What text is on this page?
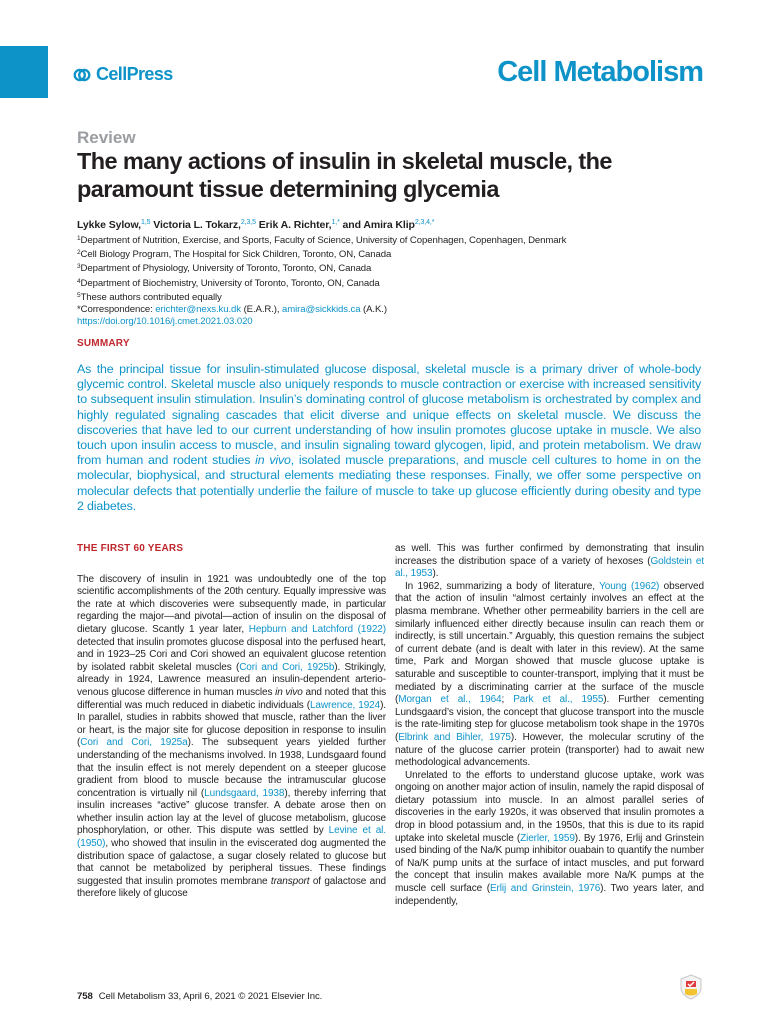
CellPress	Cell Metabolism
Review
The many actions of insulin in skeletal muscle, the paramount tissue determining glycemia
Lykke Sylow,$^{1,5}$ Victoria L. Tokarz,$^{2,3,5}$ Erik A. Richter,$^{1,*}$ and Amira Klip$^{2,3,4,*}$
$^1$Department of Nutrition, Exercise, and Sports, Faculty of Science, University of Copenhagen, Copenhagen, Denmark
$^2$Cell Biology Program, The Hospital for Sick Children, Toronto, ON, Canada
$^3$Department of Physiology, University of Toronto, Toronto, ON, Canada
$^4$Department of Biochemistry, University of Toronto, Toronto, ON, Canada
$^5$These authors contributed equally
*Correspondence: erichter@nexs.ku.dk (E.A.R.), amira@sickkids.ca (A.K.)
https://doi.org/10.1016/j.cmet.2021.03.020
SUMMARY

As the principal tissue for insulin-stimulated glucose disposal, skeletal muscle is a primary driver of whole-body glycemic control. Skeletal muscle also uniquely responds to muscle contraction or exercise with increased sensitivity to subsequent insulin stimulation. Insulin’s dominating control of glucose metabolism is orchestrated by complex and highly regulated signaling cascades that elicit diverse and unique effects on skeletal muscle. We discuss the discoveries that have led to our current understanding of how insulin promotes glucose uptake in muscle. We also touch upon insulin access to muscle, and insulin signaling toward glycogen, lipid, and protein metabolism. We draw from human and rodent studies in vivo, isolated muscle preparations, and muscle cell cultures to home in on the molecular, biophysical, and structural elements mediating these responses. Finally, we offer some perspective on molecular defects that potentially underlie the failure of muscle to take up glucose efficiently during obesity and type 2 diabetes.

THE FIRST 60 YEARS

The discovery of insulin in 1921 was undoubtedly one of the top scientific accomplishments of the 20th century. Equally impressive was the rate at which discoveries were subsequently made, in particular regarding the major—and pivotal—action of insulin on the disposal of dietary glucose. Scantly 1 year later, Hepburn and Latchford (1922) detected that insulin promotes glucose disposal into the perfused heart, and in 1923–25 Cori and Cori showed an equivalent glucose retention by isolated rabbit skeletal muscles (Cori and Cori, 1925b). Strikingly, already in 1924, Lawrence measured an insulin-dependent arterio-venous glucose difference in human muscles in vivo and noted that this differential was much reduced in diabetic individuals (Lawrence, 1924). In parallel, studies in rabbits showed that muscle, rather than the liver or heart, is the major site for glucose deposition in response to insulin (Cori and Cori, 1925a). The subsequent years yielded further understanding of the mechanisms involved. In 1938, Lundsgaard found that the insulin effect is not merely dependent on a steeper glucose gradient from blood to muscle because the intramuscular glucose concentration is virtually nil (Lundsgaard, 1938), thereby inferring that insulin increases “active” glucose transfer. A debate arose then on whether insulin action lay at the level of glucose metabolism, glucose phosphorylation, or other. This dispute was settled by Levine et al. (1950), who showed that insulin in the eviscerated dog augmented the distribution space of galactose, a sugar closely related to glucose but that cannot be metabolized by peripheral tissues. These findings suggested that insulin promotes membrane transport of galactose and therefore likely of glucose

as well. This was further confirmed by demonstrating that insulin increases the distribution space of a variety of hexoses (Goldstein et al., 1953).

In 1962, summarizing a body of literature, Young (1962) observed that the action of insulin “almost certainly involves an effect at the plasma membrane. Whether other permeability barriers in the cell are similarly influenced either directly because insulin can reach them or indirectly, is still uncertain.” Arguably, this question remains the subject of current debate (and is dealt with later in this review). At the same time, Park and Morgan showed that muscle glucose uptake is saturable and susceptible to counter-transport, implying that it must be mediated by a discriminating carrier at the surface of the muscle (Morgan et al., 1964; Park et al., 1955). Further cementing Lundsgaard’s vision, the concept that glucose transport into the muscle is the rate-limiting step for glucose metabolism took shape in the 1970s (Elbrink and Bihler, 1975). However, the molecular scrutiny of the nature of the glucose carrier protein (transporter) had to await new methodological advancements.

Unrelated to the efforts to understand glucose uptake, work was ongoing on another major action of insulin, namely the rapid disposal of dietary potassium into muscle. In an almost parallel series of discoveries in the early 1920s, it was observed that insulin promotes a drop in blood potassium and, in the 1950s, that this is due to its rapid uptake into skeletal muscle (Zierler, 1959). By 1976, Erlij and Grinstein used binding of the Na/K pump inhibitor ouabain to quantify the number of Na/K pump units at the surface of intact muscles, and put forward the concept that insulin makes available more Na/K pumps at the muscle cell surface (Erlij and Grinstein, 1976). Two years later, and independently,

758 Cell Metabolism 33, April 6, 2021 © 2021 Elsevier Inc.
